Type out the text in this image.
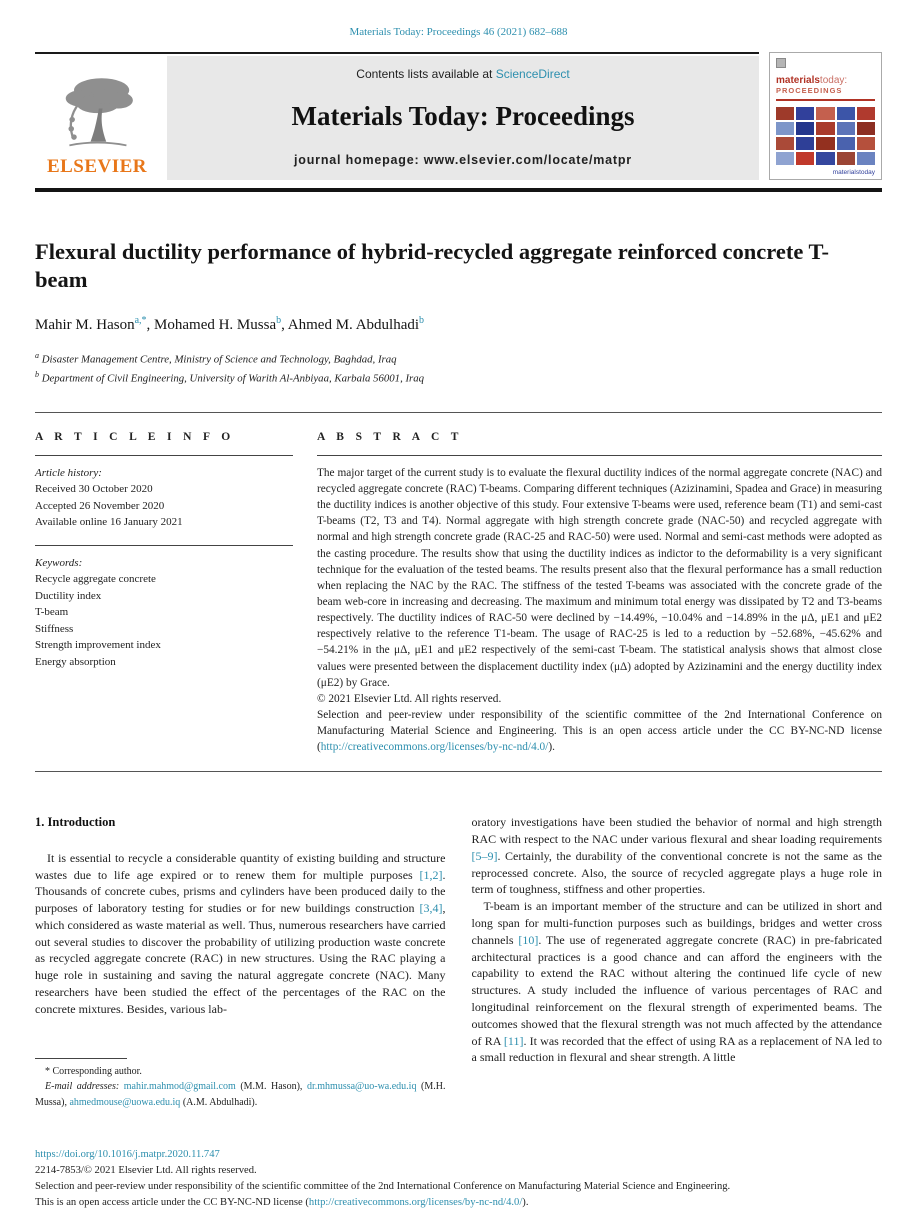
Materials Today: Proceedings 46 (2021) 682–688
ELSEVIER
Contents lists available at ScienceDirect
Materials Today: Proceedings
journal homepage: www.elsevier.com/locate/matpr
materialstoday:
PROCEEDINGS
materialstoday
Flexural ductility performance of hybrid-recycled aggregate reinforced concrete T-beam
Mahir M. Hason$^{a,*}$, Mohamed H. Mussa$^b$, Ahmed M. Abdulhadi$^b$
$^a$ Disaster Management Centre, Ministry of Science and Technology, Baghdad, Iraq
$^b$ Department of Civil Engineering, University of Warith Al-Anbiyaa, Karbala 56001, Iraq
A R T I C L E I N F O
Article history:
Received 30 October 2020
Accepted 26 November 2020
Available online 16 January 2021
Keywords:
Recycle aggregate concrete
Ductility index
T-beam
Stiffness
Strength improvement index
Energy absorption
A B S T R A C T

The major target of the current study is to evaluate the flexural ductility indices of the normal aggregate concrete (NAC) and recycled aggregate concrete (RAC) T-beams. Comparing different techniques (Azizinamini, Spadea and Grace) in measuring the ductility indices is another objective of this study. Four extensive T-beams were used, reference beam (T1) and semi-cast T-beams (T2, T3 and T4). Normal aggregate with high strength concrete grade (NAC-50) and recycled aggregate with normal and high strength concrete grade (RAC-25 and RAC-50) were used. Normal and semi-cast methods were adopted as the casting procedure. The results show that using the ductility indices as indictor to the deformability is a very significant technique for the evaluation of the tested beams. The results present also that the flexural performance has a small reduction when replacing the NAC by the RAC. The stiffness of the tested T-beams was associated with the concrete grade of the beam web-core in increasing and decreasing. The maximum and minimum total energy was dissipated by T2 and T3-beams respectively. The ductility indices of RAC-50 were declined by −14.49%, −10.04% and −14.89% in the μΔ, μE1 and μE2 respectively relative to the reference T1-beam. The usage of RAC-25 is led to a reduction by −52.68%, −45.62% and −54.21% in the μΔ, μE1 and μE2 respectively of the semi-cast T-beam. The statistical analysis shows that almost close values were presented between the displacement ductility index (μΔ) adopted by Azizinamini and the energy ductility index (μE2) by Grace.

© 2021 Elsevier Ltd. All rights reserved.

Selection and peer-review under responsibility of the scientific committee of the 2nd International Conference on Manufacturing Material Science and Engineering. This is an open access article under the CC BY-NC-ND license (http://creativecommons.org/licenses/by-nc-nd/4.0/).

1. Introduction

It is essential to recycle a considerable quantity of existing building and structure wastes due to life age expired or to renew them for multiple purposes [1,2]. Thousands of concrete cubes, prisms and cylinders have been produced daily to the purposes of laboratory testing for studies or for new buildings construction [3,4], which considered as waste material as well. Thus, numerous researchers have carried out several studies to discover the probability of utilizing production waste concrete as recycled aggregate concrete (RAC) in new structures. Using the RAC playing a huge role in sustaining and saving the natural aggregate concrete (NAC). Many researchers have been studied the effect of the percentages of the RAC on the concrete mixtures. Besides, various lab-

* Corresponding author.
E-mail addresses: mahir.mahmod@gmail.com (M.M. Hason), dr.mhmussa@uo-wa.edu.iq (M.H. Mussa), ahmedmouse@uowa.edu.iq (A.M. Abdulhadi).

oratory investigations have been studied the behavior of normal and high strength RAC with respect to the NAC under various flexural and shear loading requirements [5–9]. Certainly, the durability of the conventional concrete is not the same as the reprocessed concrete. Also, the source of recycled aggregate plays a huge role in term of toughness, stiffness and other properties.

T-beam is an important member of the structure and can be utilized in short and long span for multi-function purposes such as buildings, bridges and wetter cross channels [10]. The use of regenerated aggregate concrete (RAC) in pre-fabricated architectural practices is a good chance and can afford the engineers with the capability to extend the RAC without altering the continued life cycle of new structures. A study included the influence of various percentages of RAC and longitudinal reinforcement on the flexural strength of experimented beams. The outcomes showed that the flexural strength was not much affected by the attendance of RA [11]. It was recorded that the effect of using RA as a replacement of NA led to a small reduction in flexural and shear strength. A little

https://doi.org/10.1016/j.matpr.2020.11.747
2214-7853/© 2021 Elsevier Ltd. All rights reserved.
Selection and peer-review under responsibility of the scientific committee of the 2nd International Conference on Manufacturing Material Science and Engineering.
This is an open access article under the CC BY-NC-ND license (http://creativecommons.org/licenses/by-nc-nd/4.0/).
